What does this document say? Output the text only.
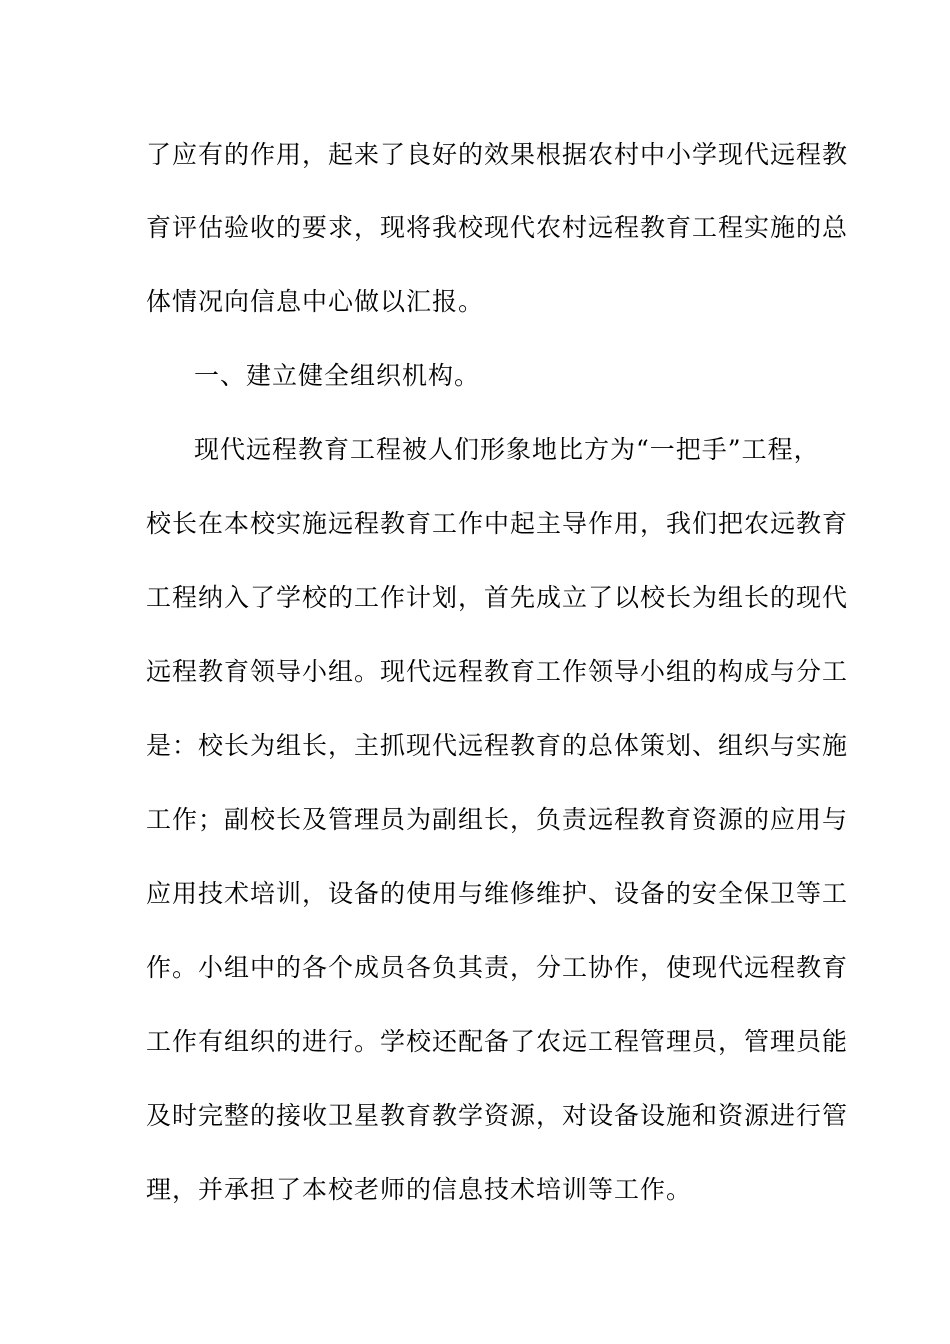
了应有的作用，起来了良好的效果根据农村中小学现代远程教
育评估验收的要求，现将我校现代农村远程教育工程实施的总
体情况向信息中心做以汇报。
一、建立健全组织机构。
现代远程教育工程被人们形象地比方为“一把手”工程，
校长在本校实施远程教育工作中起主导作用，我们把农远教育
工程纳入了学校的工作计划，首先成立了以校长为组长的现代
远程教育领导小组。现代远程教育工作领导小组的构成与分工
是：校长为组长，主抓现代远程教育的总体策划、组织与实施
工作；副校长及管理员为副组长，负责远程教育资源的应用与
应用技术培训，设备的使用与维修维护、设备的安全保卫等工
作。小组中的各个成员各负其责，分工协作，使现代远程教育
工作有组织的进行。学校还配备了农远工程管理员，管理员能
及时完整的接收卫星教育教学资源，对设备设施和资源进行管
理，并承担了本校老师的信息技术培训等工作。
